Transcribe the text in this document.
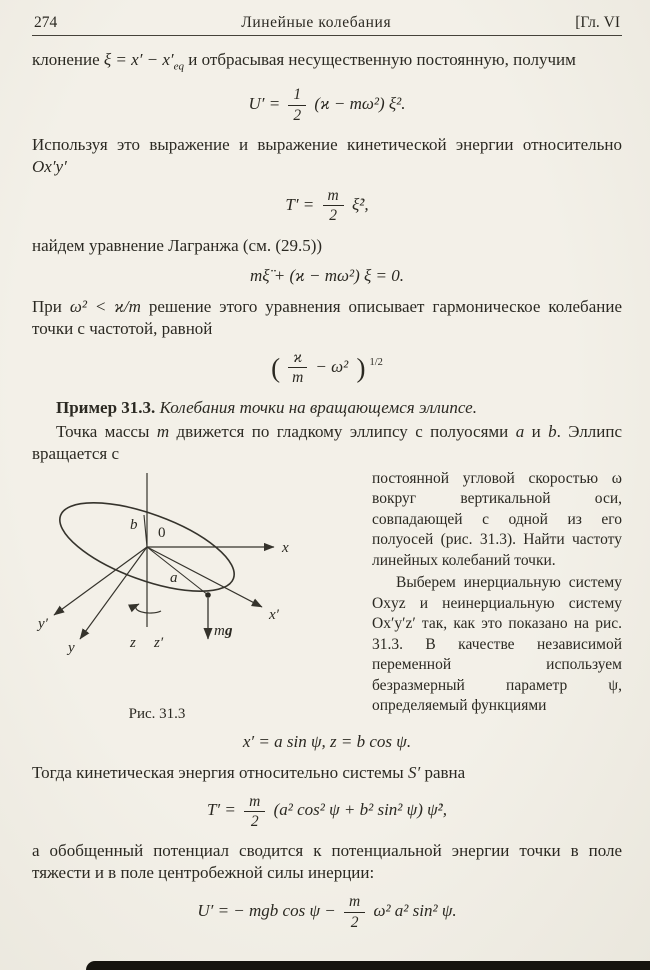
274	Линейные колебания	[Гл. VI

клонение $\xi = x' - x'_{eq}$ и отбрасывая несущественную постоянную, получим

$U' = \frac{1}{2} (ϰ - m\omega^2)$ ξ².

Используя это выражение и выражение кинетической энергии относительно Ox′y′

$T' = \frac{m}{2}$ ξ̇²,

найдем уравнение Лагранжа (см. (29.5))

mξ̈ + (ϰ − mω²) ξ = 0.

При ω² < ϰ/m решение этого уравнения описывает гармоническое колебание точки с частотой, равной

( $\frac{ϰ}{m} - \omega^2$ ) $^{1/2}$

Пример 31.3. Колебания точки на вращающемся эллипсе.

Точка массы m движется по гладкому эллипсу с полуосями a и b. Эллипс вращается с

x
x′
y′
y
b 0
a
m g
z z′
Рис. 31.3

постоянной угловой скоростью ω вокруг вертикальной оси, совпадающей с одной из его полуосей (рис. 31.3). Найти частоту линейных колебаний точки.

Выберем инерциальную систему Oxyz и неинерциальную систему Ox′y′z′ так, как это показано на рис. 31.3. В качестве независимой переменной используем безразмерный параметр ψ, определяемый функциями

x′ = a sin ψ, z = b cos ψ.

Тогда кинетическая энергия относительно системы S′ равна

$T' = \frac{m}{2} (a^2$ cos² ψ + b² sin² ψ) ψ̇²,

а обобщенный потенциал сводится к потенциальной энергии точки в поле тяжести и в поле центробежной силы инерции:

U′ = − mgb $\cos \psi - \frac{m}{2} \omega^2$ a² sin² ψ.
